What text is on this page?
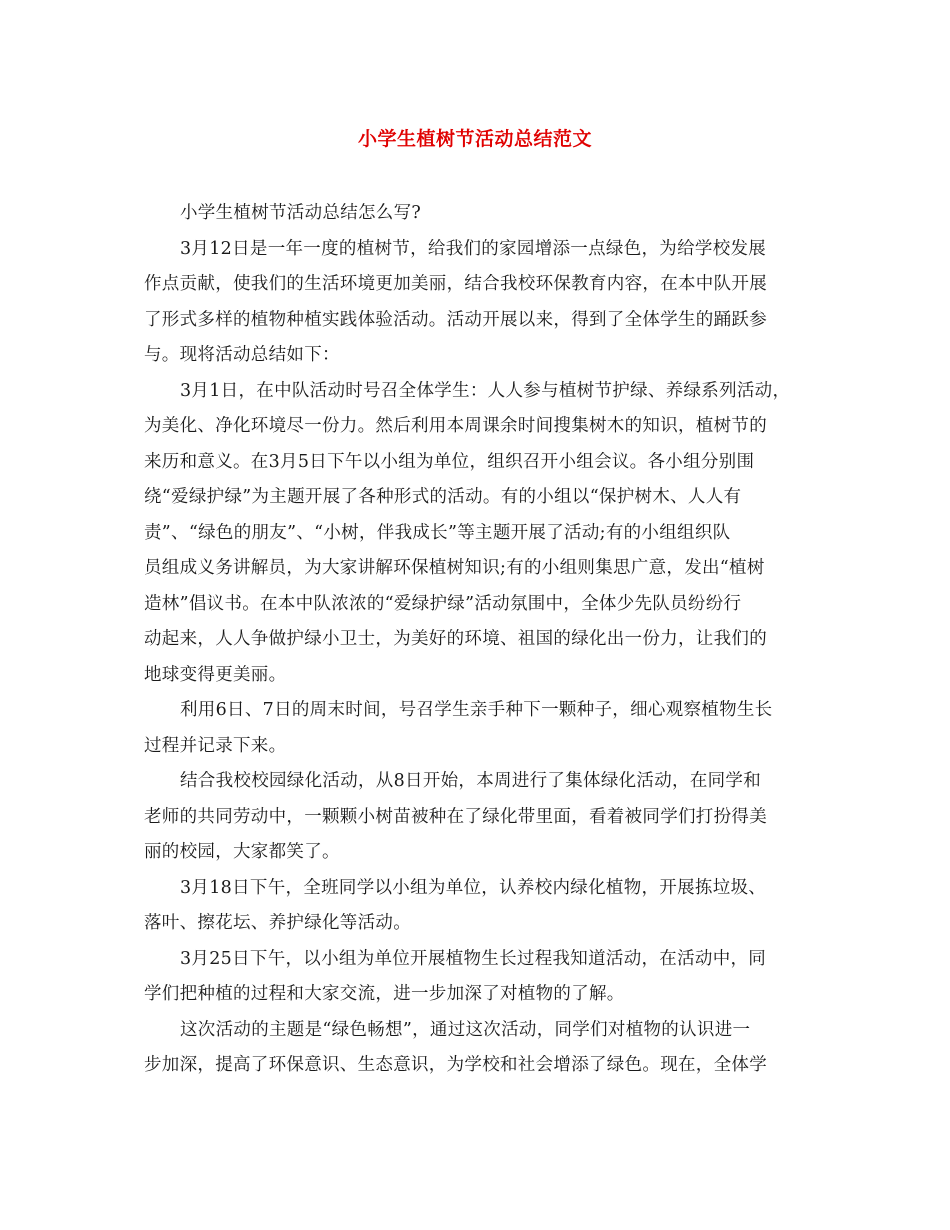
小学生植树节活动总结范文
小学生植树节活动总结怎么写?
3月12日是一年一度的植树节，给我们的家园增添一点绿色，为给学校发展
作点贡献，使我们的生活环境更加美丽，结合我校环保教育内容，在本中队开展
了形式多样的植物种植实践体验活动。活动开展以来，得到了全体学生的踊跃参
与。现将活动总结如下：
3月1日，在中队活动时号召全体学生：人人参与植树节护绿、养绿系列活动，
为美化、净化环境尽一份力。然后利用本周课余时间搜集树木的知识，植树节的
来历和意义。在3月5日下午以小组为单位，组织召开小组会议。各小组分别围
绕“爱绿护绿”为主题开展了各种形式的活动。有的小组以“保护树木、人人有
责”、“绿色的朋友”、“小树，伴我成长”等主题开展了活动;有的小组组织队
员组成义务讲解员，为大家讲解环保植树知识;有的小组则集思广意，发出“植树
造林”倡议书。在本中队浓浓的“爱绿护绿”活动氛围中，全体少先队员纷纷行
动起来，人人争做护绿小卫士，为美好的环境、祖国的绿化出一份力，让我们的
地球变得更美丽。
利用6日、7日的周末时间，号召学生亲手种下一颗种子，细心观察植物生长
过程并记录下来。
结合我校校园绿化活动，从8日开始，本周进行了集体绿化活动，在同学和
老师的共同劳动中，一颗颗小树苗被种在了绿化带里面，看着被同学们打扮得美
丽的校园，大家都笑了。
3月18日下午，全班同学以小组为单位，认养校内绿化植物，开展拣垃圾、
落叶、擦花坛、养护绿化等活动。
3月25日下午，以小组为单位开展植物生长过程我知道活动，在活动中，同
学们把种植的过程和大家交流，进一步加深了对植物的了解。
这次活动的主题是“绿色畅想”，通过这次活动，同学们对植物的认识进一
步加深，提高了环保意识、生态意识，为学校和社会增添了绿色。现在，全体学
